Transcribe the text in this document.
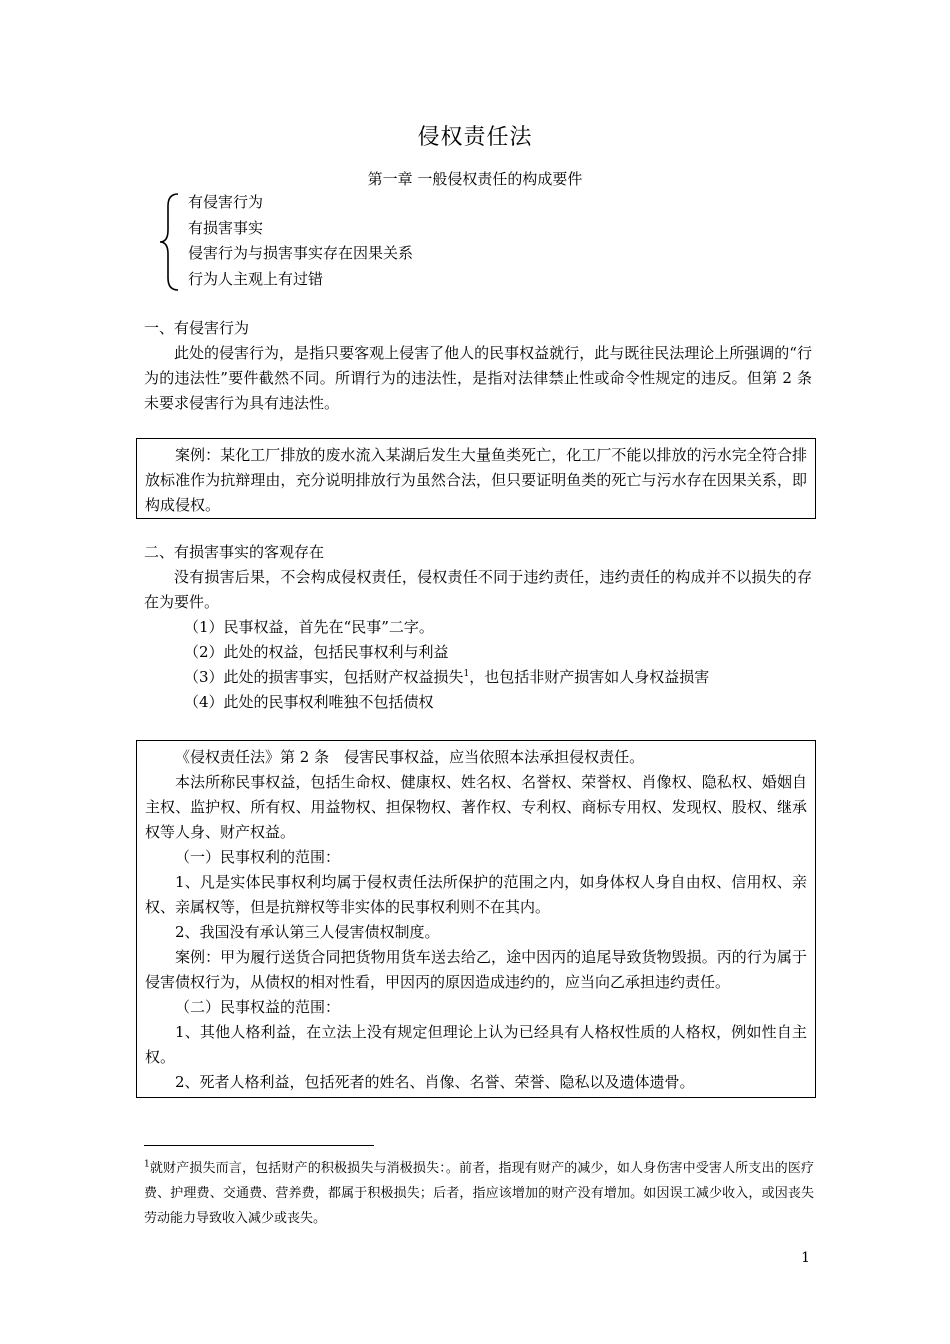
侵权责任法
第一章 一般侵权责任的构成要件
有侵害行为
有损害事实
侵害行为与损害事实存在因果关系
行为人主观上有过错
一、有侵害行为
此处的侵害行为，是指只要客观上侵害了他人的民事权益就行，此与既往民法理论上所强调的“行为的违法性”要件截然不同。所谓行为的违法性，是指对法律禁止性或命令性规定的违反。但第 2 条未要求侵害行为具有违法性。
案例：某化工厂排放的废水流入某湖后发生大量鱼类死亡，化工厂不能以排放的污水完全符合排放标准作为抗辩理由，充分说明排放行为虽然合法，但只要证明鱼类的死亡与污水存在因果关系，即构成侵权。
二、有损害事实的客观存在
没有损害后果，不会构成侵权责任，侵权责任不同于违约责任，违约责任的构成并不以损失的存在为要件。
（1）民事权益，首先在“民事”二字。
（2）此处的权益，包括民事权利与利益
（3）此处的损害事实，包括财产权益损失$^1$，也包括非财产损害如人身权益损害
（4）此处的民事权利唯独不包括债权
《侵权责任法》第 2 条　侵害民事权益，应当依照本法承担侵权责任。
本法所称民事权益，包括生命权、健康权、姓名权、名誉权、荣誉权、肖像权、隐私权、婚姻自主权、监护权、所有权、用益物权、担保物权、著作权、专利权、商标专用权、发现权、股权、继承权等人身、财产权益。
（一）民事权利的范围：
1、凡是实体民事权利均属于侵权责任法所保护的范围之内，如身体权人身自由权、信用权、亲权、亲属权等，但是抗辩权等非实体的民事权利则不在其内。
2、我国没有承认第三人侵害债权制度。
案例：甲为履行送货合同把货物用货车送去给乙，途中因丙的追尾导致货物毁损。丙的行为属于侵害债权行为，从债权的相对性看，甲因丙的原因造成违约的，应当向乙承担违约责任。
（二）民事权益的范围：
1、其他人格利益，在立法上没有规定但理论上认为已经具有人格权性质的人格权，例如性自主权。
2、死者人格利益，包括死者的姓名、肖像、名誉、荣誉、隐私以及遗体遗骨。
$^1$就财产损失而言，包括财产的积极损失与消极损失：。前者，指现有财产的减少，如人身伤害中受害人所支出的医疗费、护理费、交通费、营养费，都属于积极损失；后者，指应该增加的财产没有增加。如因误工减少收入，或因丧失劳动能力导致收入减少或丧失。
1
